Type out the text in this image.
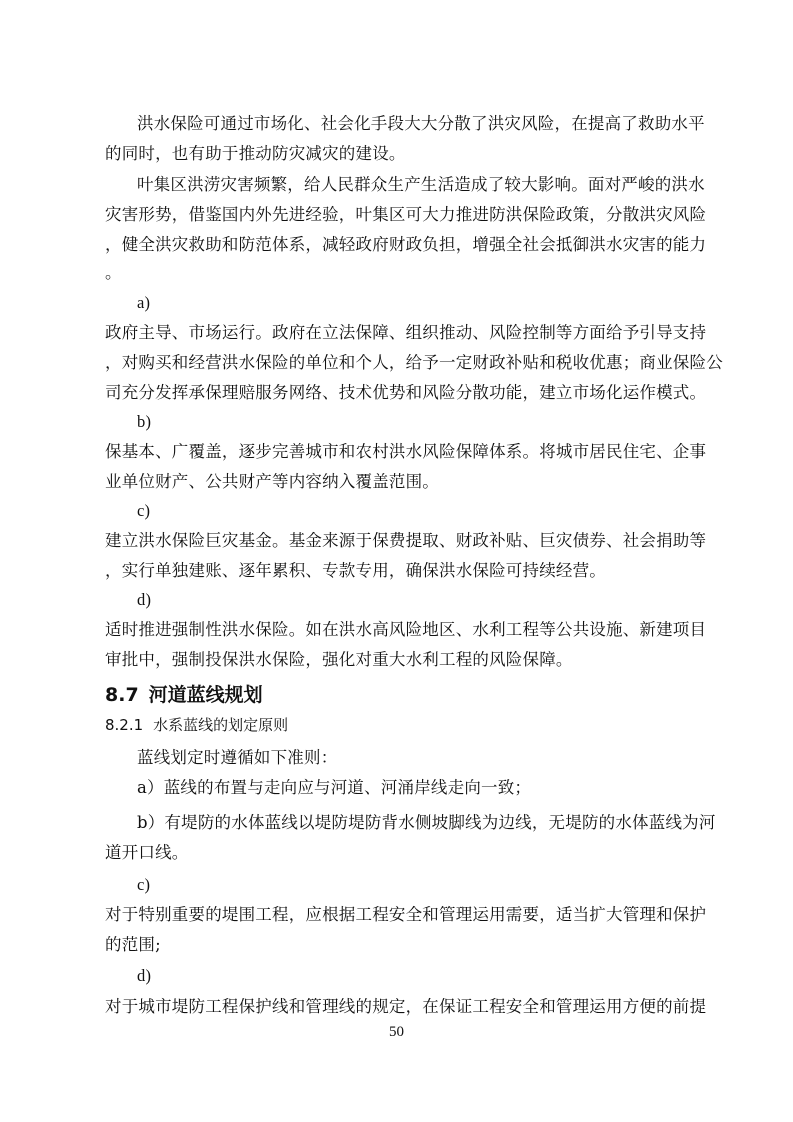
洪水保险可通过市场化、社会化手段大大分散了洪灾风险，在提高了救助水平
的同时，也有助于推动防灾减灾的建设。
叶集区洪涝灾害频繁，给人民群众生产生活造成了较大影响。面对严峻的洪水
灾害形势，借鉴国内外先进经验，叶集区可大力推进防洪保险政策，分散洪灾风险
，健全洪灾救助和防范体系，减轻政府财政负担，增强全社会抵御洪水灾害的能力
。
a)
政府主导、市场运行。政府在立法保障、组织推动、风险控制等方面给予引导支持
，对购买和经营洪水保险的单位和个人，给予一定财政补贴和税收优惠；商业保险公
司充分发挥承保理赔服务网络、技术优势和风险分散功能，建立市场化运作模式。
b)
保基本、广覆盖，逐步完善城市和农村洪水风险保障体系。将城市居民住宅、企事
业单位财产、公共财产等内容纳入覆盖范围。
c)
建立洪水保险巨灾基金。基金来源于保费提取、财政补贴、巨灾债券、社会捐助等
，实行单独建账、逐年累积、专款专用，确保洪水保险可持续经营。
d)
适时推进强制性洪水保险。如在洪水高风险地区、水利工程等公共设施、新建项目
审批中，强制投保洪水保险，强化对重大水利工程的风险保障。
8.7 河道蓝线规划
8.2.1 水系蓝线的划定原则
蓝线划定时遵循如下准则：
a）蓝线的布置与走向应与河道、河涌岸线走向一致；
b）有堤防的水体蓝线以堤防堤防背水侧坡脚线为边线，无堤防的水体蓝线为河
道开口线。
c)
对于特别重要的堤围工程，应根据工程安全和管理运用需要，适当扩大管理和保护
的范围;
d)
对于城市堤防工程保护线和管理线的规定，在保证工程安全和管理运用方便的前提
50
